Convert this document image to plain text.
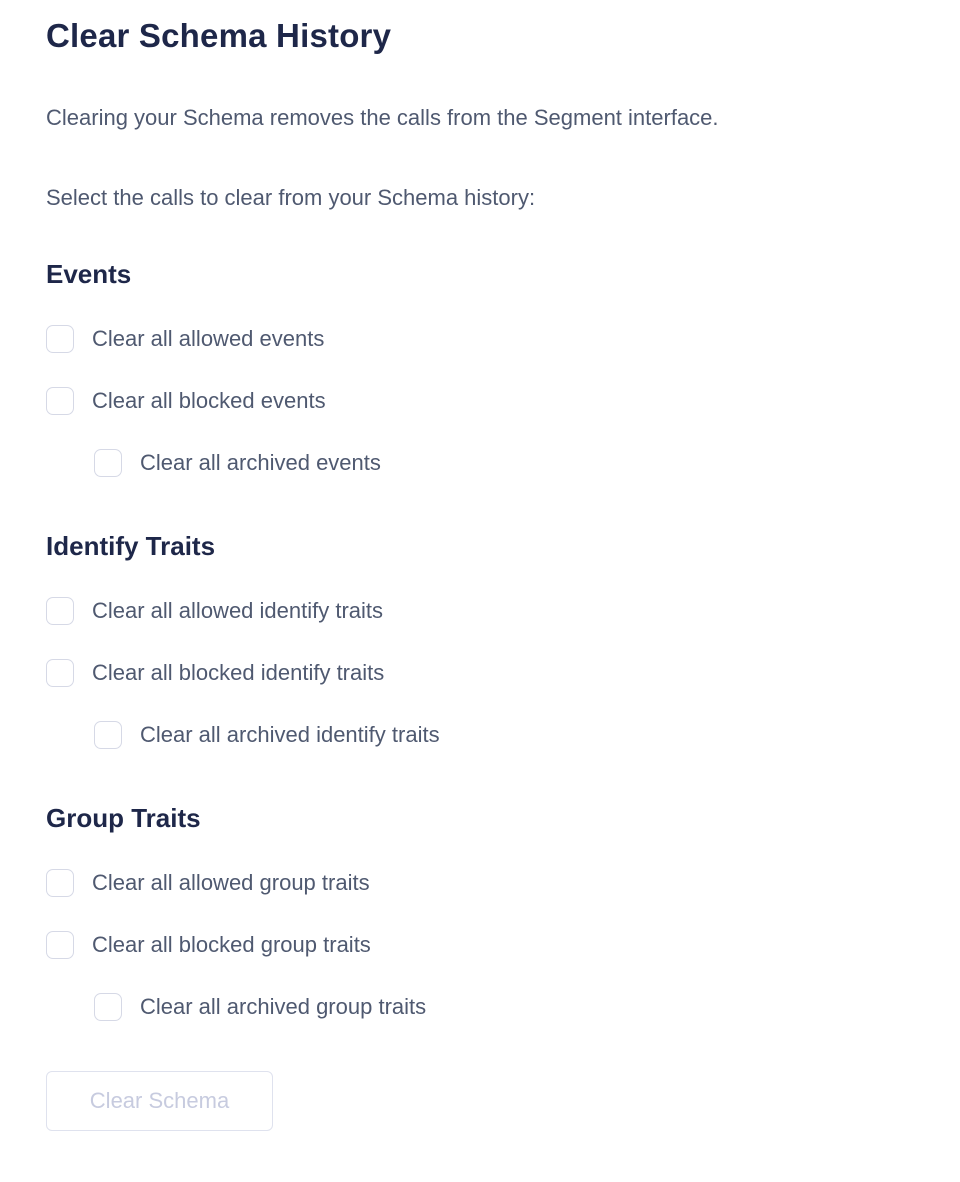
Clear Schema History

Clearing your Schema removes the calls from the Segment interface.

Select the calls to clear from your Schema history:

Events
Clear all allowed events
Clear all blocked events
Clear all archived events
Identify Traits
Clear all allowed identify traits
Clear all blocked identify traits
Clear all archived identify traits
Group Traits
Clear all allowed group traits
Clear all blocked group traits
Clear all archived group traits
Clear Schema
